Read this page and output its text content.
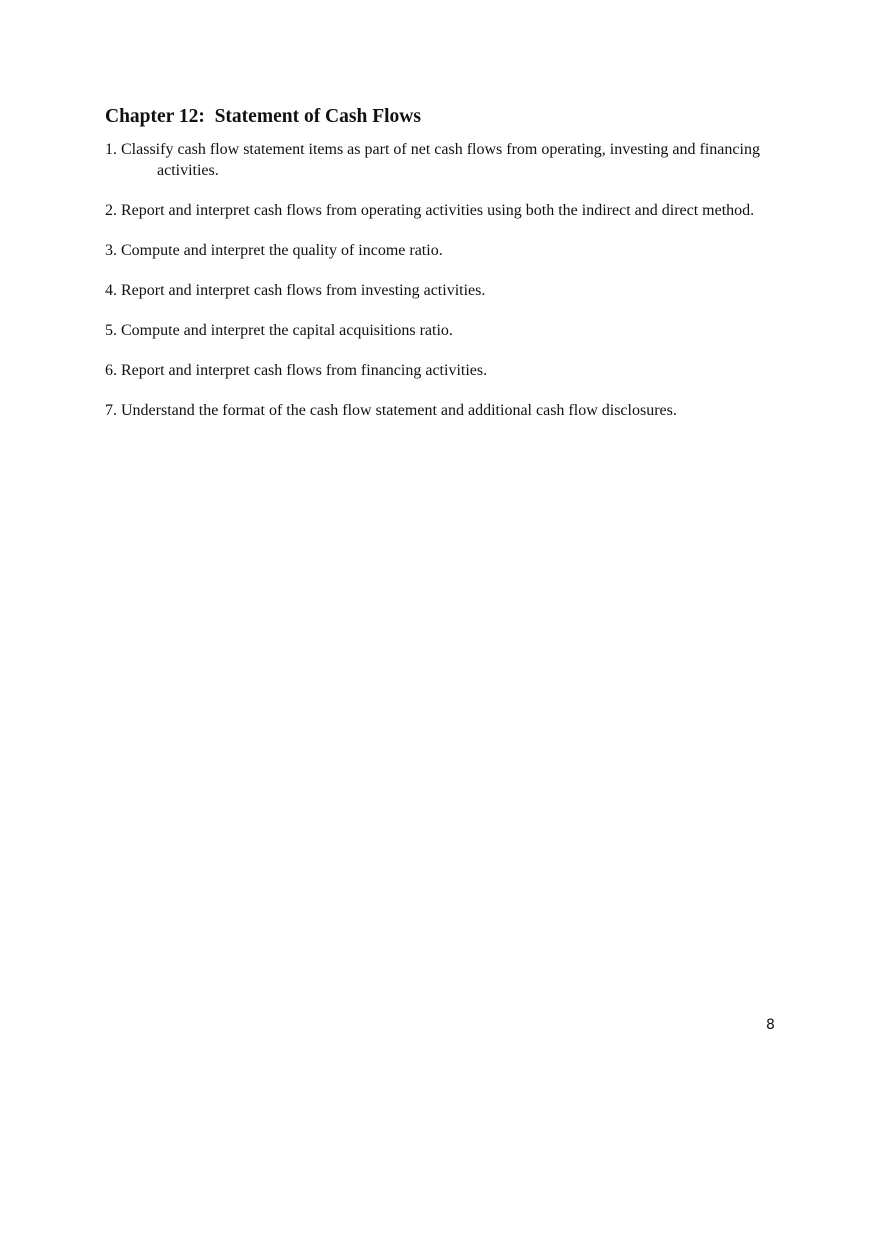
Chapter 12:  Statement of Cash Flows
1. Classify cash flow statement items as part of net cash flows from operating, investing and financing activities.
2. Report and interpret cash flows from operating activities using both the indirect and direct method.
3. Compute and interpret the quality of income ratio.
4. Report and interpret cash flows from investing activities.
5. Compute and interpret the capital acquisitions ratio.
6. Report and interpret cash flows from financing activities.
7. Understand the format of the cash flow statement and additional cash flow disclosures.
8
